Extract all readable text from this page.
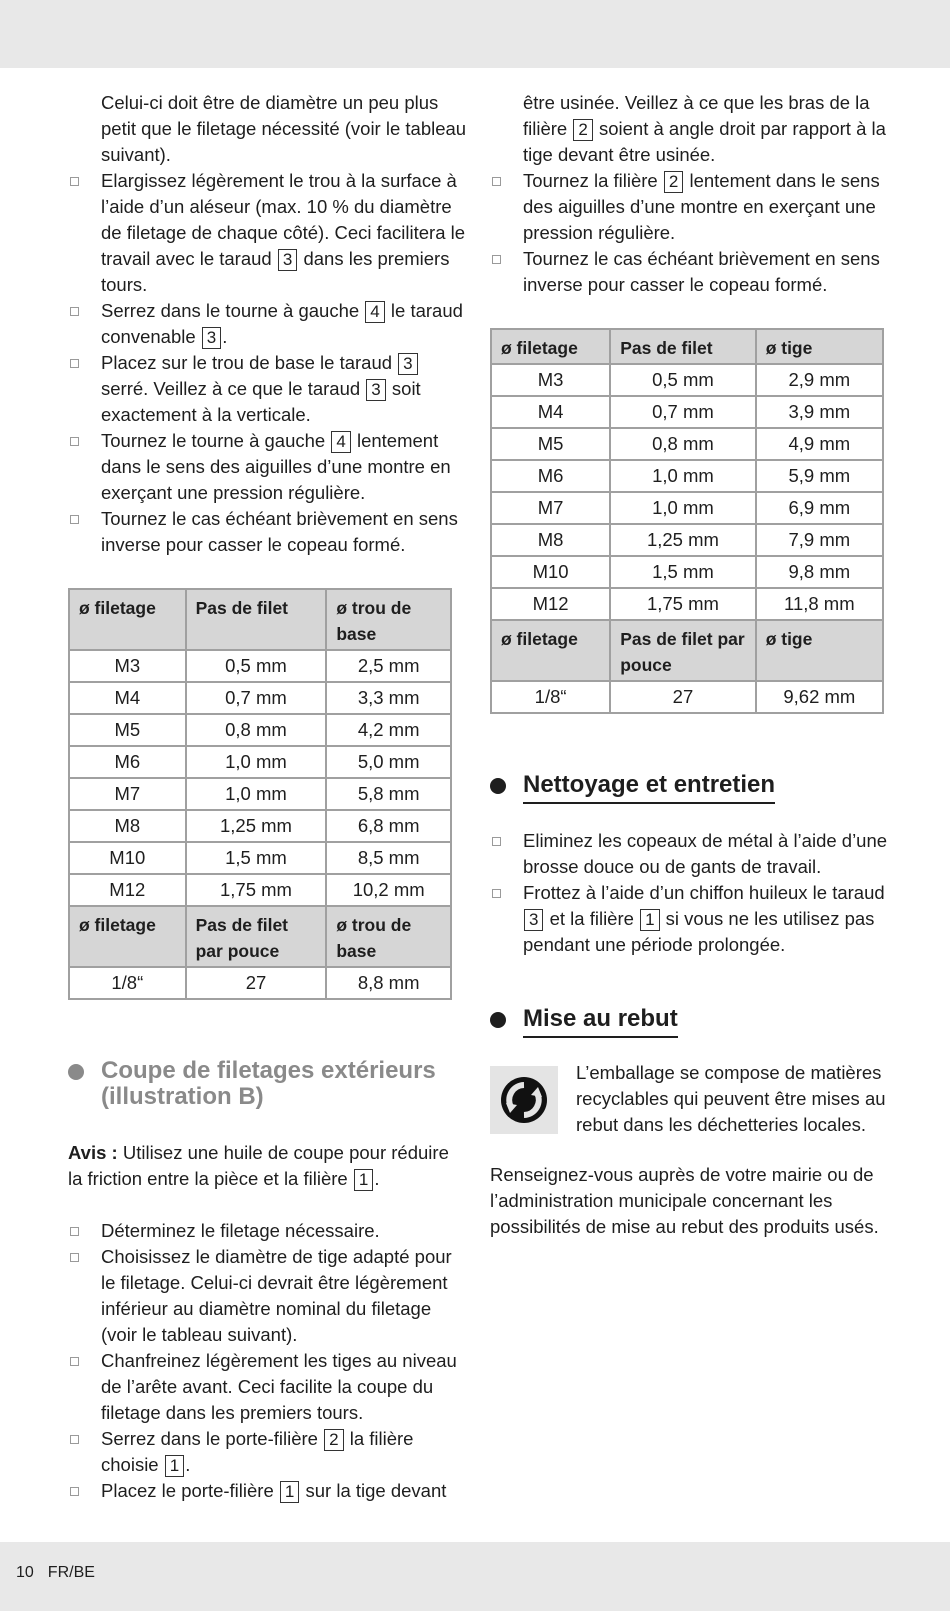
Celui-ci doit être de diamètre un peu plus petit que le filetage nécessité (voir le tableau suivant).

Elargissez légèrement le trou à la surface à l’aide d’un aléseur (max. 10 % du diamètre de filetage de chaque côté). Ceci facilitera le travail avec le taraud 3 dans les premiers tours.

Serrez dans le tourne à gauche 4 le taraud convenable 3 .

Placez sur le trou de base le taraud 3 serré. Veillez à ce que le taraud 3 soit exactement à la verticale.

Tournez le tourne à gauche 4 lentement dans le sens des aiguilles d’une montre en exerçant une pression régulière.

Tournez le cas échéant brièvement en sens inverse pour casser le copeau formé.

ø filetage	Pas de filet	ø trou de base
M3	0,5 mm	2,5 mm
M4	0,7 mm	3,3 mm
M5	0,8 mm	4,2 mm
M6	1,0 mm	5,0 mm
M7	1,0 mm	5,8 mm
M8	1,25 mm	6,8 mm
M10	1,5 mm	8,5 mm
M12	1,75 mm	10,2 mm
ø filetage	Pas de filet par pouce	ø trou de base
1/8“	27	8,8 mm
Coupe de filetages extérieurs (illustration B)

Avis : Utilisez une huile de coupe pour réduire la friction entre la pièce et la filière 1 .

Déterminez le filetage nécessaire.

Choisissez le diamètre de tige adapté pour le filetage. Celui-ci devrait être légèrement inférieur au diamètre nominal du filetage (voir le tableau suivant).

Chanfreinez légèrement les tiges au niveau de l’arête avant. Ceci facilite la coupe du filetage dans les premiers tours.

Serrez dans le porte-filière 2 la filière choisie 1 .

Placez le porte-filière 1 sur la tige devant

être usinée. Veillez à ce que les bras de la filière 2 soient à angle droit par rapport à la tige devant être usinée.

Tournez la filière 2 lentement dans le sens des aiguilles d’une montre en exerçant une pression régulière.

Tournez le cas échéant brièvement en sens inverse pour casser le copeau formé.

ø filetage	Pas de filet	ø tige
M3	0,5 mm	2,9 mm
M4	0,7 mm	3,9 mm
M5	0,8 mm	4,9 mm
M6	1,0 mm	5,9 mm
M7	1,0 mm	6,9 mm
M8	1,25 mm	7,9 mm
M10	1,5 mm	9,8 mm
M12	1,75 mm	11,8 mm
ø filetage	Pas de filet par pouce	ø tige
1/8“	27	9,62 mm
Nettoyage et entretien

Eliminez les copeaux de métal à l’aide d’une brosse douce ou de gants de travail.

Frottez à l’aide d’un chiffon huileux le taraud 3 et la filière 1 si vous ne les utilisez pas pendant une période prolongée.

Mise au rebut

L’emballage se compose de matières recyclables qui peuvent être mises au rebut dans les déchetteries locales.

Renseignez-vous auprès de votre mairie ou de l’administration municipale concernant les possibilités de mise au rebut des produits usés.

10 FR/BE
